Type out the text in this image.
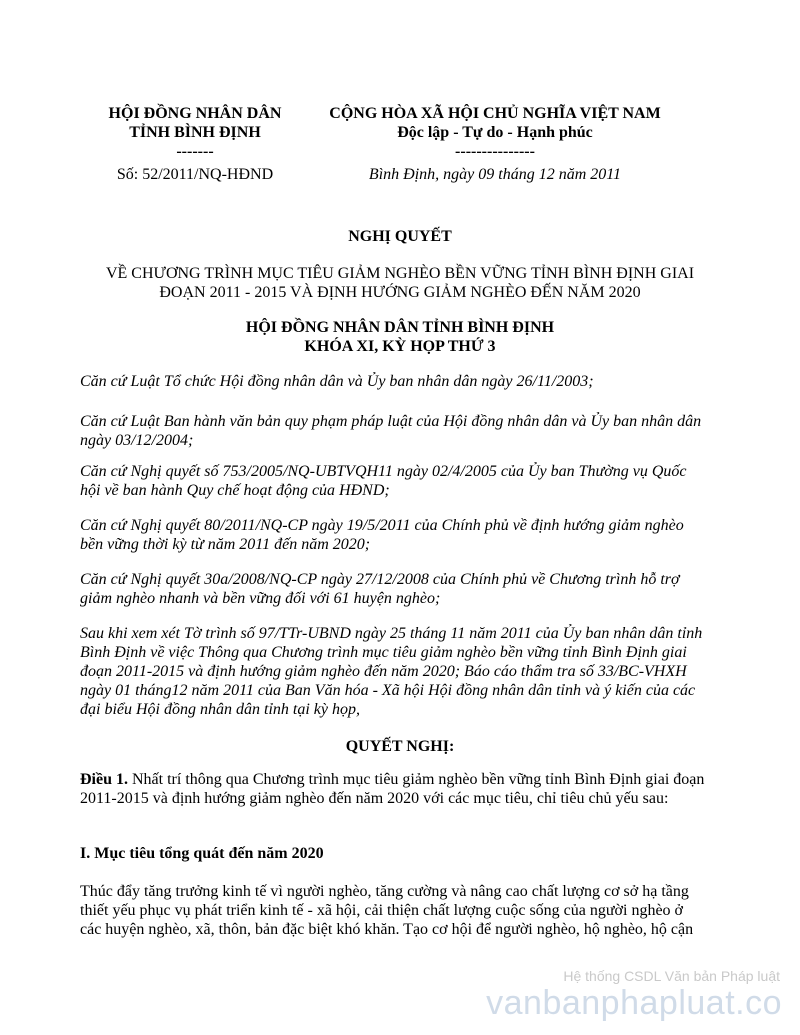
HỘI ĐỒNG NHÂN DÂN
TỈNH BÌNH ĐỊNH
-------
CỘNG HÒA XÃ HỘI CHỦ NGHĨA VIỆT NAM
Độc lập - Tự do - Hạnh phúc
---------------
Số: 52/2011/NQ-HĐND	Bình Định, ngày 09 tháng 12 năm 2011
NGHỊ QUYẾT
VỀ CHƯƠNG TRÌNH MỤC TIÊU GIẢM NGHÈO BỀN VỮNG TỈNH BÌNH ĐỊNH GIAI
ĐOẠN 2011 - 2015 VÀ ĐỊNH HƯỚNG GIẢM NGHÈO ĐẾN NĂM 2020
HỘI ĐỒNG NHÂN DÂN TỈNH BÌNH ĐỊNH
KHÓA XI, KỲ HỌP THỨ 3
Căn cứ Luật Tổ chức Hội đồng nhân dân và Ủy ban nhân dân ngày 26/11/2003;
Căn cứ Luật Ban hành văn bản quy phạm pháp luật của Hội đồng nhân dân và Ủy ban nhân dân ngày 03/12/2004;
Căn cứ Nghị quyết số 753/2005/NQ-UBTVQH11 ngày 02/4/2005 của Ủy ban Thường vụ Quốc hội về ban hành Quy chế hoạt động của HĐND;
Căn cứ Nghị quyết 80/2011/NQ-CP ngày 19/5/2011 của Chính phủ về định hướng giảm nghèo bền vững thời kỳ từ năm 2011 đến năm 2020;
Căn cứ Nghị quyết 30a/2008/NQ-CP ngày 27/12/2008 của Chính phủ về Chương trình hỗ trợ giảm nghèo nhanh và bền vững đối với 61 huyện nghèo;
Sau khi xem xét Tờ trình số 97/TTr-UBND ngày 25 tháng 11 năm 2011 của Ủy ban nhân dân tỉnh Bình Định về việc Thông qua Chương trình mục tiêu giảm nghèo bền vững tỉnh Bình Định giai đoạn 2011-2015 và định hướng giảm nghèo đến năm 2020; Báo cáo thẩm tra số 33/BC-VHXH ngày 01 tháng12 năm 2011 của Ban Văn hóa - Xã hội Hội đồng nhân dân tỉnh và ý kiến của các đại biểu Hội đồng nhân dân tỉnh tại kỳ họp,
QUYẾT NGHỊ:
Điều 1. Nhất trí thông qua Chương trình mục tiêu giảm nghèo bền vững tỉnh Bình Định giai đoạn 2011-2015 và định hướng giảm nghèo đến năm 2020 với các mục tiêu, chỉ tiêu chủ yếu sau:
I. Mục tiêu tổng quát đến năm 2020
Thúc đẩy tăng trưởng kinh tế vì người nghèo, tăng cường và nâng cao chất lượng cơ sở hạ tầng thiết yếu phục vụ phát triển kinh tế - xã hội, cải thiện chất lượng cuộc sống của người nghèo ở các huyện nghèo, xã, thôn, bản đặc biệt khó khăn. Tạo cơ hội để người nghèo, hộ nghèo, hộ cận
Hệ thống CSDL Văn bản Pháp luật
vanbanphapluat.co
